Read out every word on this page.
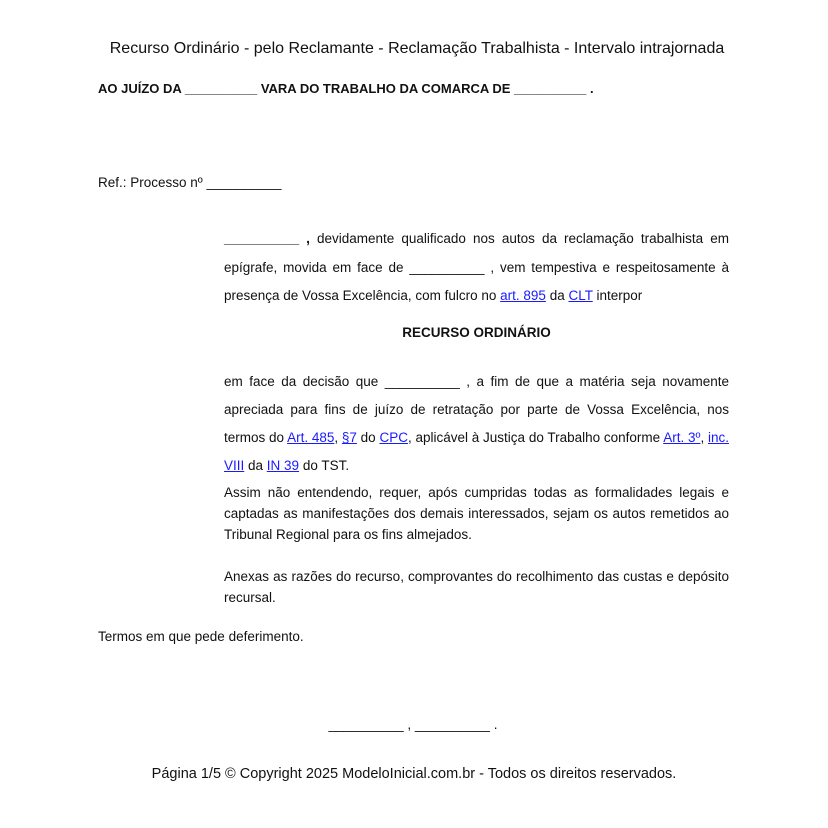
Recurso Ordinário - pelo Reclamante - Reclamação Trabalhista - Intervalo intrajornada
AO JUÍZO DA __________ VARA DO TRABALHO DA COMARCA DE __________ .
Ref.: Processo nº __________
__________ , devidamente qualificado nos autos da reclamação trabalhista em epígrafe, movida em face de __________ , vem tempestiva e respeitosamente à presença de Vossa Excelência, com fulcro no art. 895 da CLT interpor
RECURSO ORDINÁRIO
em face da decisão que __________ , a fim de que a matéria seja novamente apreciada para fins de juízo de retratação por parte de Vossa Excelência, nos termos do Art. 485, §7 do CPC, aplicável à Justiça do Trabalho conforme Art. 3º, inc. VIII da IN 39 do TST.
Assim não entendendo, requer, após cumpridas todas as formalidades legais e captadas as manifestações dos demais interessados, sejam os autos remetidos ao Tribunal Regional para os fins almejados.
Anexas as razões do recurso, comprovantes do recolhimento das custas e depósito recursal.
Termos em que pede deferimento.
__________ , __________ .
Página 1/5 © Copyright 2025 ModeloInicial.com.br - Todos os direitos reservados.
